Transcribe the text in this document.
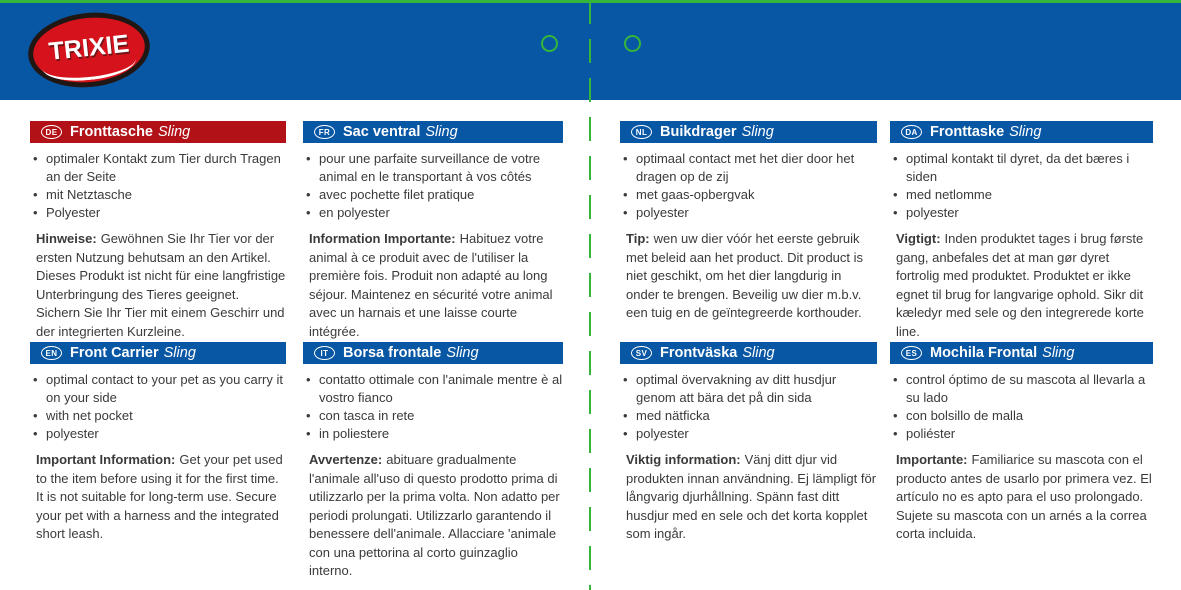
TRIXIE
DE Fronttasche Sling
• optimaler Kontakt zum Tier durch Tragen an der Seite
• mit Netztasche
• Polyester

Hinweise: Gewöhnen Sie Ihr Tier vor der ersten Nutzung behutsam an den Artikel. Dieses Produkt ist nicht für eine langfristige Unterbringung des Tieres geeignet. Sichern Sie Ihr Tier mit einem Geschirr und der integrierten Kurzleine.

FR Sac ventral Sling
• pour une parfaite surveillance de votre animal en le transportant à vos côtés
• avec pochette filet pratique
• en polyester

Information Importante: Habituez votre animal à ce produit avec de l'utiliser la première fois. Produit non adapté au long séjour. Maintenez en sécurité votre animal avec un harnais et une laisse courte intégrée.

NL Buikdrager Sling
• optimaal contact met het dier door het dragen op de zij
• met gaas-opbergvak
• polyester

Tip: wen uw dier vóór het eerste gebruik met beleid aan het product. Dit product is niet geschikt, om het dier langdurig in onder te brengen. Beveilig uw dier m.b.v. een tuig en de geïntegreerde korthouder.

DA Fronttaske Sling
• optimal kontakt til dyret, da det bæres i siden
• med netlomme
• polyester

Vigtigt: Inden produktet tages i brug første gang, anbefales det at man gør dyret fortrolig med produktet. Produktet er ikke egnet til brug for langvarige ophold. Sikr dit kæledyr med sele og den integrerede korte line.

EN Front Carrier Sling
• optimal contact to your pet as you carry it on your side
• with net pocket
• polyester

Important Information: Get your pet used to the item before using it for the first time. It is not suitable for long-term use. Secure your pet with a harness and the integrated short leash.

IT	Borsa frontale Sling
• contatto ottimale con l'animale mentre è al vostro fianco
• con tasca in rete
• in poliestere

Avvertenze: abituare gradualmente l'animale all'uso di questo prodotto prima di utilizzarlo per la prima volta. Non adatto per periodi prolungati. Utilizzarlo garantendo il benessere dell'animale. Allacciare 'animale con una pettorina al corto guinzaglio interno.

SV Frontväska Sling
• optimal övervakning av ditt husdjur genom att bära det på din sida
• med nätficka
• polyester

Viktig information: Vänj ditt djur vid produkten innan användning. Ej lämpligt för långvarig djurhållning. Spänn fast ditt husdjur med en sele och det korta kopplet som ingår.

ES Mochila Frontal Sling
• control óptimo de su mascota al llevarla a su lado
• con bolsillo de malla
• poliéster

Importante: Familiarice su mascota con el producto antes de usarlo por primera vez. El artículo no es apto para el uso prolongado. Sujete su mascota con un arnés a la correa corta incluida.
